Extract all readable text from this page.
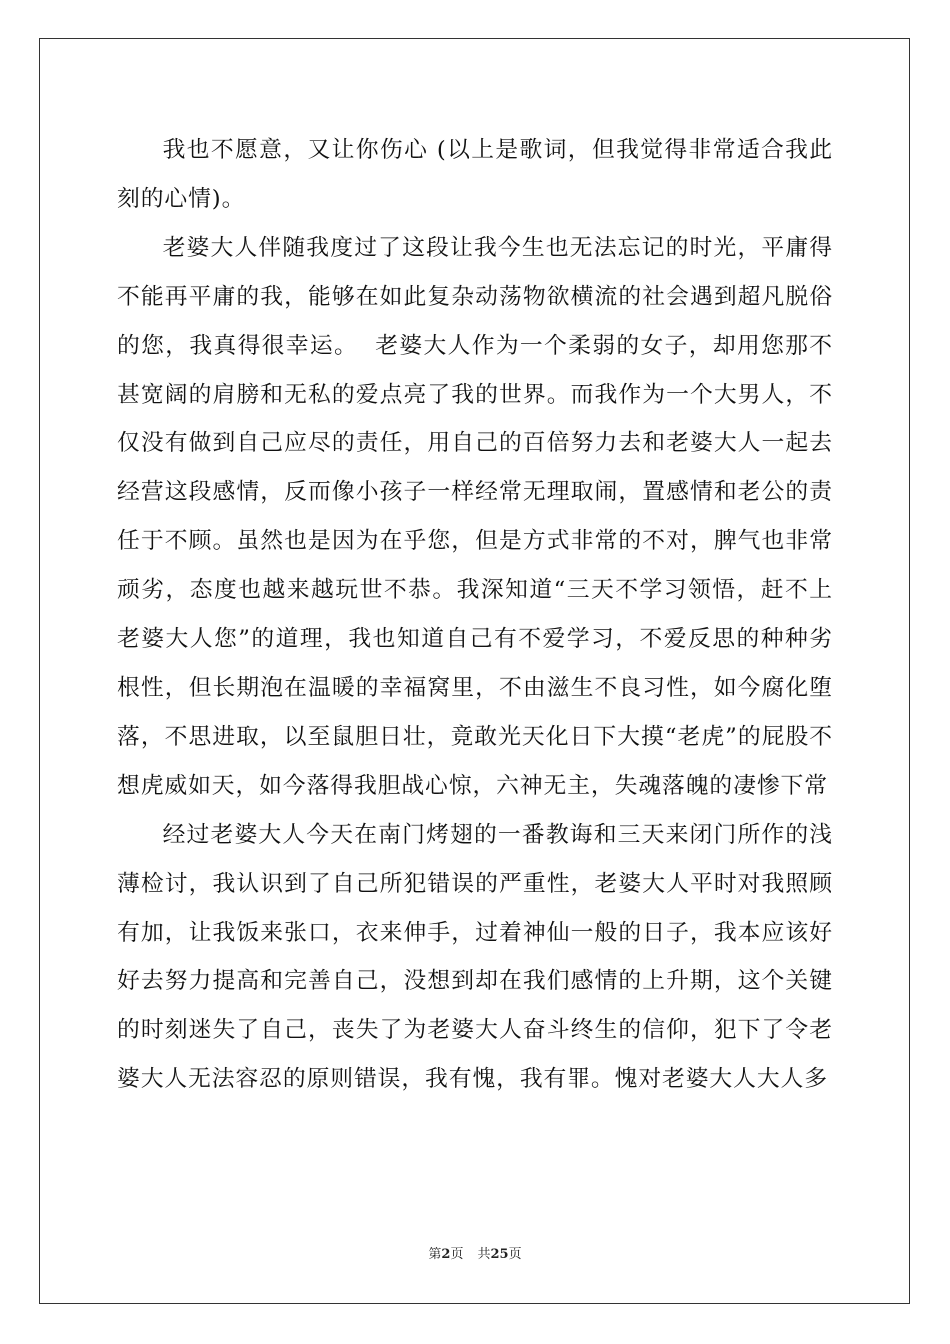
我也不愿意，又让你伤心 (以上是歌词，但我觉得非常适合我此刻的心情)。

老婆大人伴随我度过了这段让我今生也无法忘记的时光，平庸得不能再平庸的我，能够在如此复杂动荡物欲横流的社会遇到超凡脱俗的您，我真得很幸运。  老婆大人作为一个柔弱的女子，却用您那不甚宽阔的肩膀和无私的爱点亮了我的世界。而我作为一个大男人，不仅没有做到自己应尽的责任，用自己的百倍努力去和老婆大人一起去经营这段感情，反而像小孩子一样经常无理取闹，置感情和老公的责任于不顾。虽然也是因为在乎您，但是方式非常的不对，脾气也非常顽劣，态度也越来越玩世不恭。我深知道“三天不学习领悟，赶不上老婆大人您”的道理，我也知道自己有不爱学习，不爱反思的种种劣根性，但长期泡在温暖的幸福窝里，不由滋生不良习性，如今腐化堕落，不思进取，以至鼠胆日壮，竟敢光天化日下大摸“老虎”的屁股不想虎威如天，如今落得我胆战心惊，六神无主，失魂落魄的凄惨下常

经过老婆大人今天在南门烤翅的一番教诲和三天来闭门所作的浅薄检讨，我认识到了自己所犯错误的严重性，老婆大人平时对我照顾有加，让我饭来张口，衣来伸手，过着神仙一般的日子，我本应该好好去努力提高和完善自己，没想到却在我们感情的上升期，这个关键的时刻迷失了自己，丧失了为老婆大人奋斗终生的信仰，犯下了令老婆大人无法容忍的原则错误，我有愧，我有罪。愧对老婆大人大人多

第2页 共25页
